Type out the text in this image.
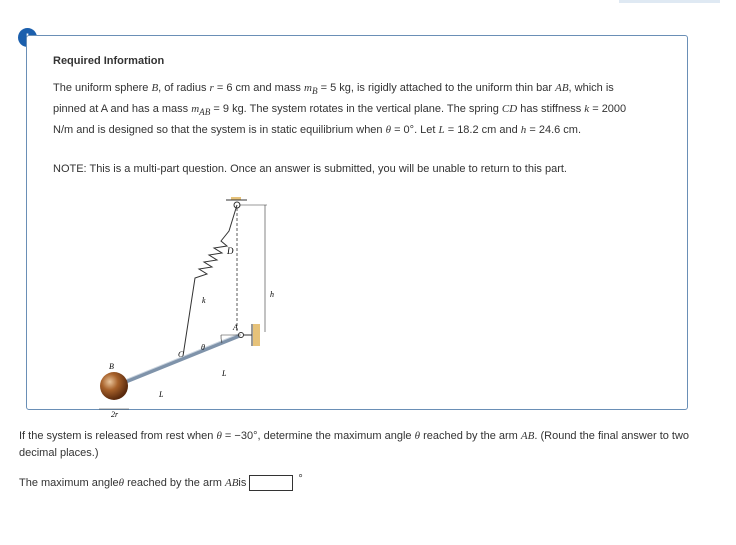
Required Information
The uniform sphere B, of radius r = 6 cm and mass $m_B = 5$ kg, is rigidly attached to the uniform thin bar AB, which is pinned at A and has a mass $m_{AB} = 9$ kg. The system rotates in the vertical plane. The spring CD has stiffness k = 2000 N/m and is designed so that the system is in static equilibrium when θ = 0°. Let L = 18.2 cm and h = 24.6 cm.
NOTE: This is a multi-part question. Once an answer is submitted, you will be unable to return to this part.
D
h
k
A
θ
C
L
L
B
2r
If the system is released from rest when θ = −30°, determine the maximum angle θ reached by the arm AB. (Round the final answer to two decimal places.)
The maximum angle θ
reached by the arm
AB is	°
